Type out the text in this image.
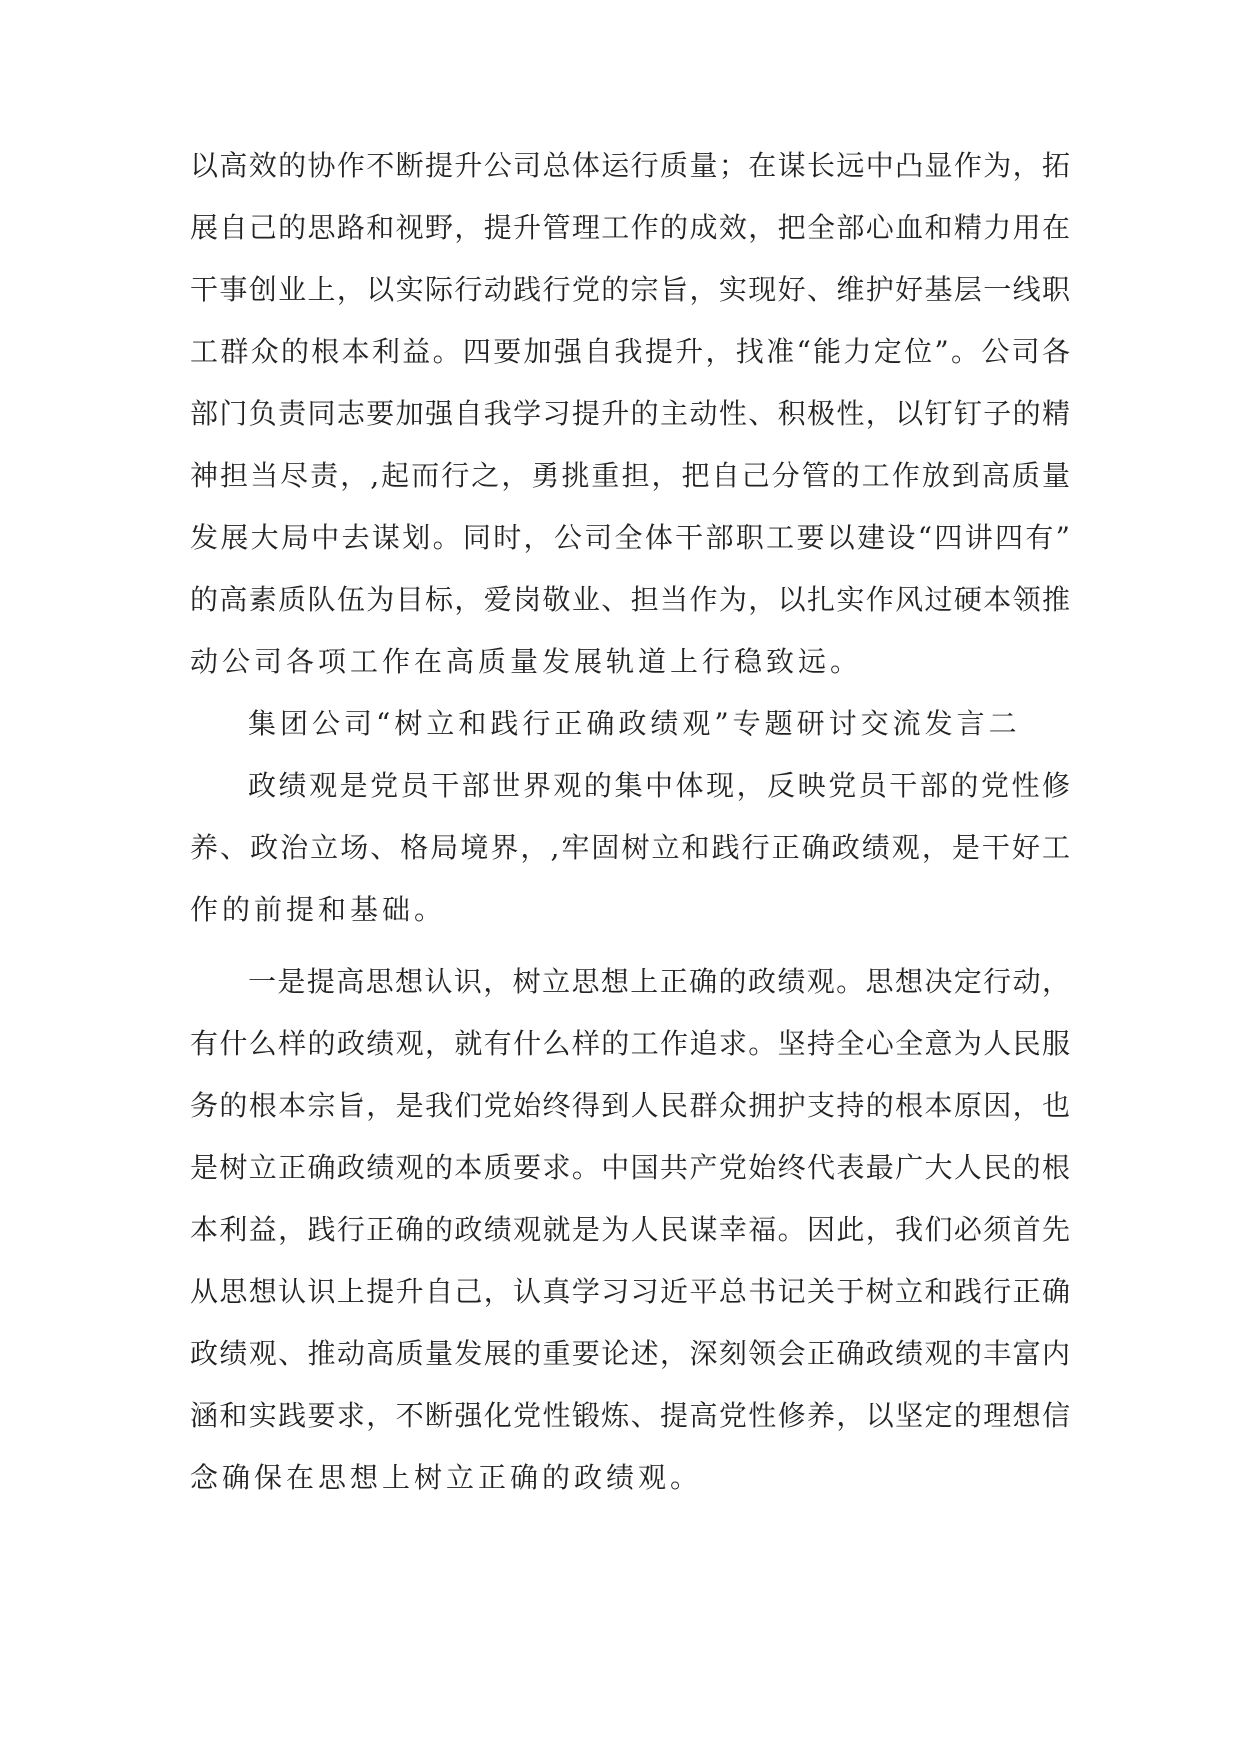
以高效的协作不断提升公司总体运行质量；在谋长远中凸显作为，拓
展自己的思路和视野，提升管理工作的成效，把全部心血和精力用在
干事创业上，以实际行动践行党的宗旨，实现好、维护好基层一线职
工群众的根本利益。四要加强自我提升，找准“能力定位”。公司各
部门负责同志要加强自我学习提升的主动性、积极性，以钉钉子的精
神担当尽责，,起而行之，勇挑重担，把自己分管的工作放到高质量
发展大局中去谋划。同时，公司全体干部职工要以建设“四讲四有”
的高素质队伍为目标，爱岗敬业、担当作为，以扎实作风过硬本领推
动公司各项工作在高质量发展轨道上行稳致远。
集团公司“树立和践行正确政绩观”专题研讨交流发言二
政绩观是党员干部世界观的集中体现，反映党员干部的党性修
养、政治立场、格局境界，,牢固树立和践行正确政绩观，是干好工
作的前提和基础。
一是提高思想认识，树立思想上正确的政绩观。思想决定行动，
有什么样的政绩观，就有什么样的工作追求。坚持全心全意为人民服
务的根本宗旨，是我们党始终得到人民群众拥护支持的根本原因，也
是树立正确政绩观的本质要求。中国共产党始终代表最广大人民的根
本利益，践行正确的政绩观就是为人民谋幸福。因此，我们必须首先
从思想认识上提升自己，认真学习习近平总书记关于树立和践行正确
政绩观、推动高质量发展的重要论述，深刻领会正确政绩观的丰富内
涵和实践要求，不断强化党性锻炼、提高党性修养，以坚定的理想信
念确保在思想上树立正确的政绩观。
